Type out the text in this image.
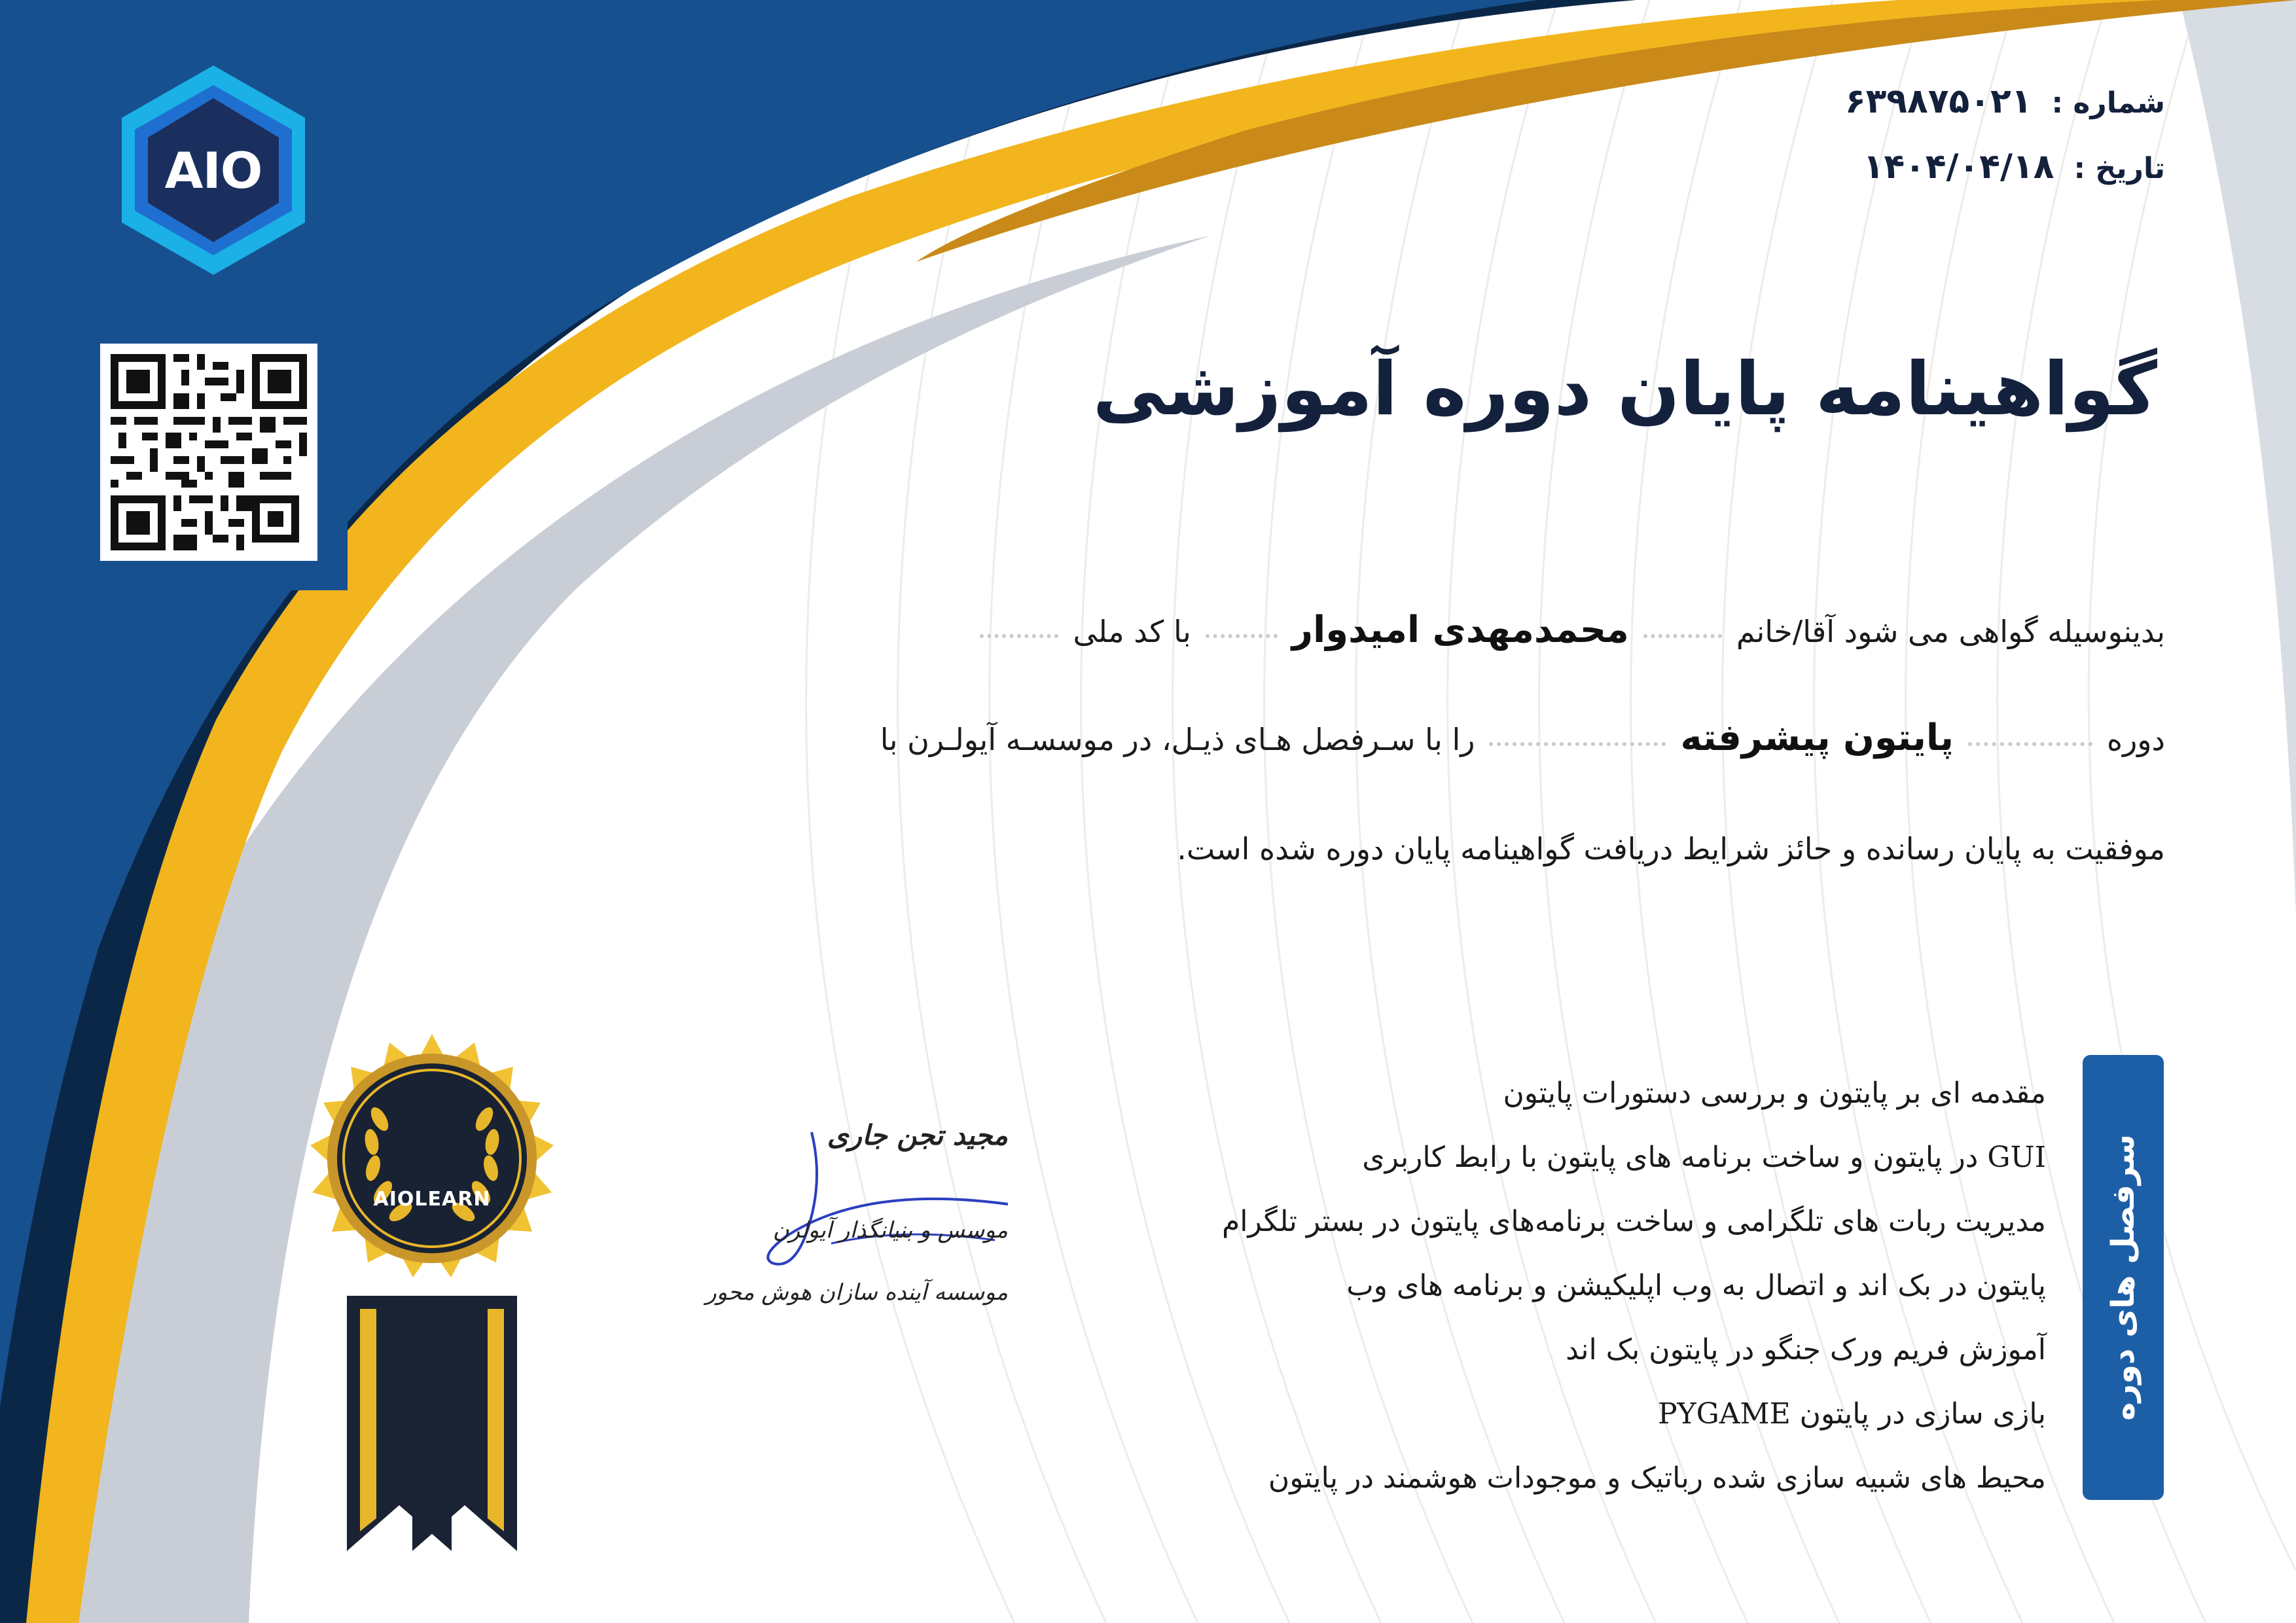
AIO
شماره :
۶۳۹۸۷۵۰۲۱
تاریخ :
۱۴۰۴/۰۴/۱۸
گواهینامه پایان دوره آموزشی
بدینوسیله گواهی می شود آقا/خانم
محمدمهدی امیدوار
با کد ملی
دوره
پایتون پیشرفته
را با سـرفصل هـای ذیـل، در موسسـه آیولـرن با
موفقیت به پایان رسانده و حائز شرایط دریافت گواهینامه پایان دوره شده است.
سرفصل های دوره
مقدمه ای بر پایتون و بررسی دستورات پایتون
GUI در پایتون و ساخت برنامه های پایتون با رابط کاربری
مدیریت ربات های تلگرامی و ساخت برنامه‌های پایتون در بستر تلگرام
پایتون در بک اند و اتصال به وب اپلیکیشن و برنامه های وب
آموزش فریم ورک جنگو در پایتون بک اند
بازی سازی در پایتون PYGAME
محیط های شبیه سازی شده رباتیک و موجودات هوشمند در پایتون
مجید تجن جاری
موسس و بنیانگذار آیولرن
موسسه آینده سازان هوش محور
AIOLEARN
